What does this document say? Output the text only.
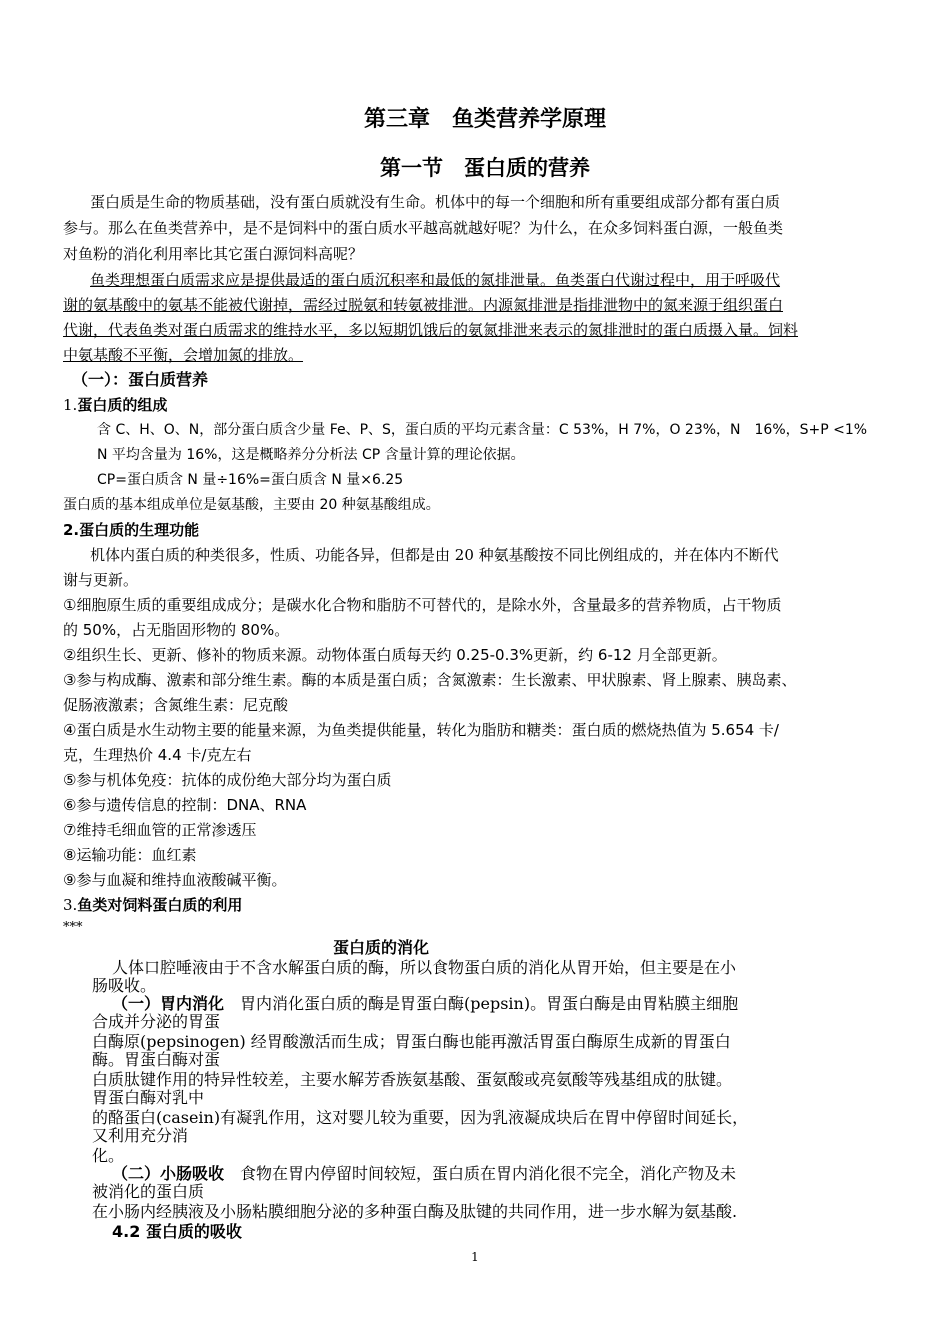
第三章　鱼类营养学原理
第一节　蛋白质的营养
蛋白质是生命的物质基础，没有蛋白质就没有生命。机体中的每一个细胞和所有重要组成部分都有蛋白质
参与。那么在鱼类营养中，是不是饲料中的蛋白质水平越高就越好呢？为什么，在众多饲料蛋白源，一般鱼类
对鱼粉的消化利用率比其它蛋白源饲料高呢？
鱼类理想蛋白质需求应是提供最适的蛋白质沉积率和最低的氮排泄量。鱼类蛋白代谢过程中，用于呼吸代
谢的氨基酸中的氨基不能被代谢掉，需经过脱氨和转氨被排泄。内源氮排泄是指排泄物中的氮来源于组织蛋白
代谢，代表鱼类对蛋白质需求的维持水平，多以短期饥饿后的氨氮排泄来表示的氮排泄时的蛋白质摄入量。饲料
中氨基酸不平衡，会增加氮的排放。
（一）：蛋白质营养
1.蛋白质的组成
含 C、H、O、N，部分蛋白质含少量 Fe、P、S，蛋白质的平均元素含量：C 53%，H 7%，O 23%，N　16%，S+P <1%
N 平均含量为 16%，这是概略养分分析法 CP 含量计算的理论依据。
CP=蛋白质含 N 量÷16%=蛋白质含 N 量×6.25
蛋白质的基本组成单位是氨基酸，主要由 20 种氨基酸组成。
2.蛋白质的生理功能
机体内蛋白质的种类很多，性质、功能各异，但都是由 20 种氨基酸按不同比例组成的，并在体内不断代
谢与更新。
①细胞原生质的重要组成成分；是碳水化合物和脂肪不可替代的，是除水外，含量最多的营养物质，占干物质
的 50%，占无脂固形物的 80%。
②组织生长、更新、修补的物质来源。动物体蛋白质每天约 0.25-0.3%更新，约 6-12 月全部更新。
③参与构成酶、激素和部分维生素。酶的本质是蛋白质；含氮激素：生长激素、甲状腺素、肾上腺素、胰岛素、
促肠液激素；含氮维生素：尼克酸
④蛋白质是水生动物主要的能量来源，为鱼类提供能量，转化为脂肪和糖类：蛋白质的燃烧热值为 5.654 卡/
克，生理热价 4.4 卡/克左右
⑤参与机体免疫：抗体的成份绝大部分均为蛋白质
⑥参与遗传信息的控制：DNA、RNA
⑦维持毛细血管的正常渗透压
⑧运输功能：血红素
⑨参与血凝和维持血液酸碱平衡。
3.鱼类对饲料蛋白质的利用
***
蛋白质的消化
人体口腔唾液由于不含水解蛋白质的酶，所以食物蛋白质的消化从胃开始，但主要是在小
肠吸收。
（一）胃内消化　胃内消化蛋白质的酶是胃蛋白酶(pepsin)。胃蛋白酶是由胃粘膜主细胞
合成并分泌的胃蛋
白酶原(pepsinogen) 经胃酸激活而生成；胃蛋白酶也能再激活胃蛋白酶原生成新的胃蛋白
酶。胃蛋白酶对蛋
白质肽键作用的特异性较差，主要水解芳香族氨基酸、蛋氨酸或亮氨酸等残基组成的肽键。
胃蛋白酶对乳中
的酪蛋白(casein)有凝乳作用，这对婴儿较为重要，因为乳液凝成块后在胃中停留时间延长，
又利用充分消
化。
（二）小肠吸收　食物在胃内停留时间较短，蛋白质在胃内消化很不完全，消化产物及未
被消化的蛋白质
在小肠内经胰液及小肠粘膜细胞分泌的多种蛋白酶及肽键的共同作用，进一步水解为氨基酸.
4.2 蛋白质的吸收
1
